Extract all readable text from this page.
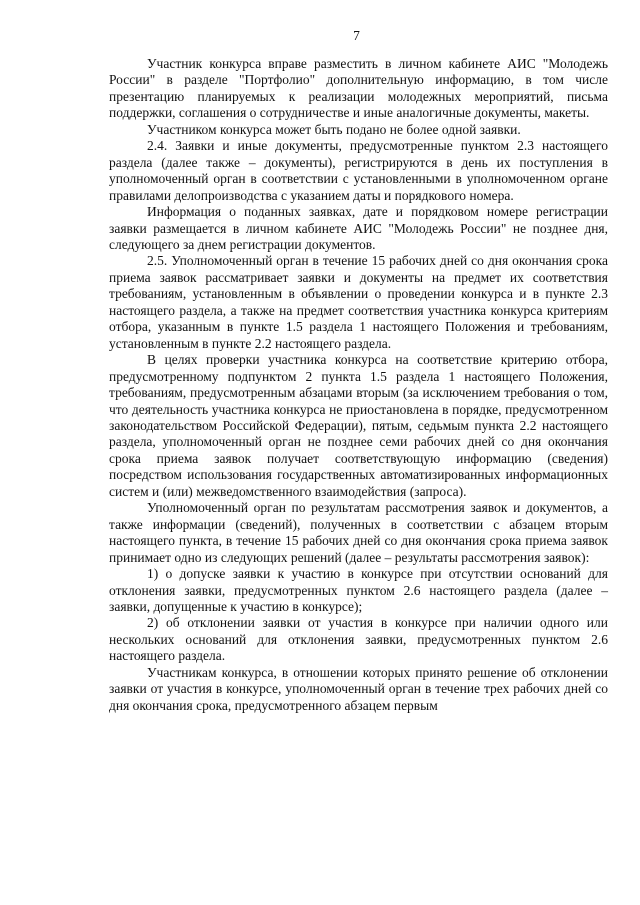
7

Участник конкурса вправе разместить в личном кабинете АИС "Молодежь России" в разделе "Портфолио" дополнительную информацию, в том числе презентацию планируемых к реализации молодежных мероприятий, письма поддержки, соглашения о сотрудничестве и иные аналогичные документы, макеты.

Участником конкурса может быть подано не более одной заявки.

2.4. Заявки и иные документы, предусмотренные пунктом 2.3 настоящего раздела (далее также – документы), регистрируются в день их поступления в уполномоченный орган в соответствии с установленными в уполномоченном органе правилами делопроизводства с указанием даты и порядкового номера.

Информация о поданных заявках, дате и порядковом номере регистрации заявки размещается в личном кабинете АИС "Молодежь России" не позднее дня, следующего за днем регистрации документов.

2.5. Уполномоченный орган в течение 15 рабочих дней со дня окончания срока приема заявок рассматривает заявки и документы на предмет их соответствия требованиям, установленным в объявлении о проведении конкурса и в пункте 2.3 настоящего раздела, а также на предмет соответствия участника конкурса критериям отбора, указанным в пункте 1.5 раздела 1 настоящего Положения и требованиям, установленным в пункте 2.2 настоящего раздела.

В целях проверки участника конкурса на соответствие критерию отбора, предусмотренному подпунктом 2 пункта 1.5 раздела 1 настоящего Положения, требованиям, предусмотренным абзацами вторым (за исключением требования о том, что деятельность участника конкурса не приостановлена в порядке, предусмотренном законодательством Российской Федерации), пятым, седьмым пункта 2.2 настоящего раздела, уполномоченный орган не позднее семи рабочих дней со дня окончания срока приема заявок получает соответствующую информацию (сведения) посредством использования государственных автоматизированных информационных систем и (или) межведомственного взаимодействия (запроса).

Уполномоченный орган по результатам рассмотрения заявок и документов, а также информации (сведений), полученных в соответствии с абзацем вторым настоящего пункта, в течение 15 рабочих дней со дня окончания срока приема заявок принимает одно из следующих решений (далее – результаты рассмотрения заявок):

1) о допуске заявки к участию в конкурсе при отсутствии оснований для отклонения заявки, предусмотренных пунктом 2.6 настоящего раздела (далее – заявки, допущенные к участию в конкурсе);

2) об отклонении заявки от участия в конкурсе при наличии одного или нескольких оснований для отклонения заявки, предусмотренных пунктом 2.6 настоящего раздела.

Участникам конкурса, в отношении которых принято решение об отклонении заявки от участия в конкурсе, уполномоченный орган в течение трех рабочих дней со дня окончания срока, предусмотренного абзацем первым
